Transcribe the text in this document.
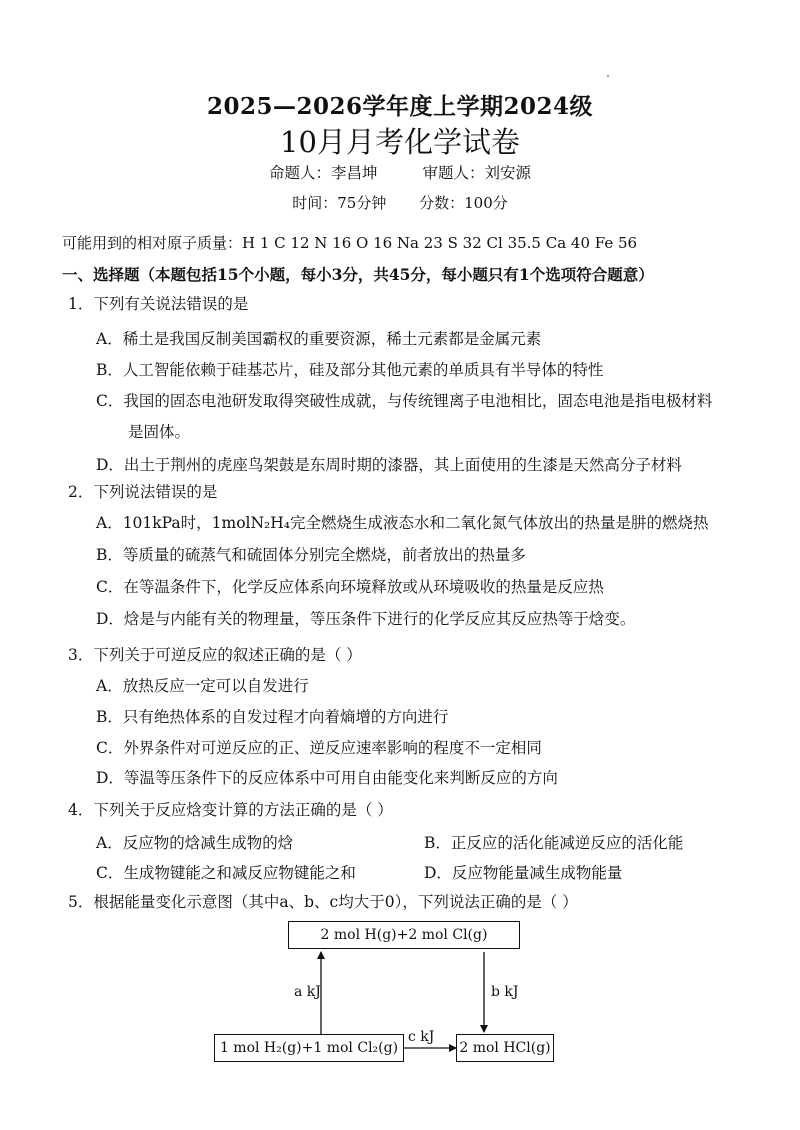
2025—2026学年度上学期2024级
10月月考化学试卷
命题人：李昌坤	审题人：刘安源
时间：75分钟 分数：100分
可能用到的相对原子质量：H 1 C 12 N 16 O 16 Na 23 S 32 Cl 35.5 Ca 40 Fe 56
一、选择题（本题包括15个小题，每小3分，共45分，每小题只有1个选项符合题意）
1．下列有关说法错误的是
A．稀土是我国反制美国霸权的重要资源，稀土元素都是金属元素
B．人工智能依赖于硅基芯片，硅及部分其他元素的单质具有半导体的特性
C．我国的固态电池研发取得突破性成就，与传统锂离子电池相比，固态电池是指电极材料
是固体。
D．出土于荆州的虎座鸟架鼓是东周时期的漆器，其上面使用的生漆是天然高分子材料
2．下列说法错误的是
A．101kPa时，1molN₂H₄完全燃烧生成液态水和二氧化氮气体放出的热量是肼的燃烧热
B．等质量的硫蒸气和硫固体分别完全燃烧，前者放出的热量多
C．在等温条件下，化学反应体系向环境释放或从环境吸收的热量是反应热
D．焓是与内能有关的物理量，等压条件下进行的化学反应其反应热等于焓变。
3．下列关于可逆反应的叙述正确的是（ ）
A．放热反应一定可以自发进行
B．只有绝热体系的自发过程才向着熵增的方向进行
C．外界条件对可逆反应的正、逆反应速率影响的程度不一定相同
D．等温等压条件下的反应体系中可用自由能变化来判断反应的方向
4．下列关于反应焓变计算的方法正确的是（ ）
A．反应物的焓减生成物的焓	B．正反应的活化能减逆反应的活化能
C．生成物键能之和减反应物键能之和	D．反应物能量减生成物能量
5．根据能量变化示意图（其中a、b、c均大于0），下列说法正确的是（ ）
2 mol H(g)+2 mol Cl(g)
1 mol H₂(g)+1 mol Cl₂(g)	2 mol HCl(g)
a kJ	b kJ
c kJ
